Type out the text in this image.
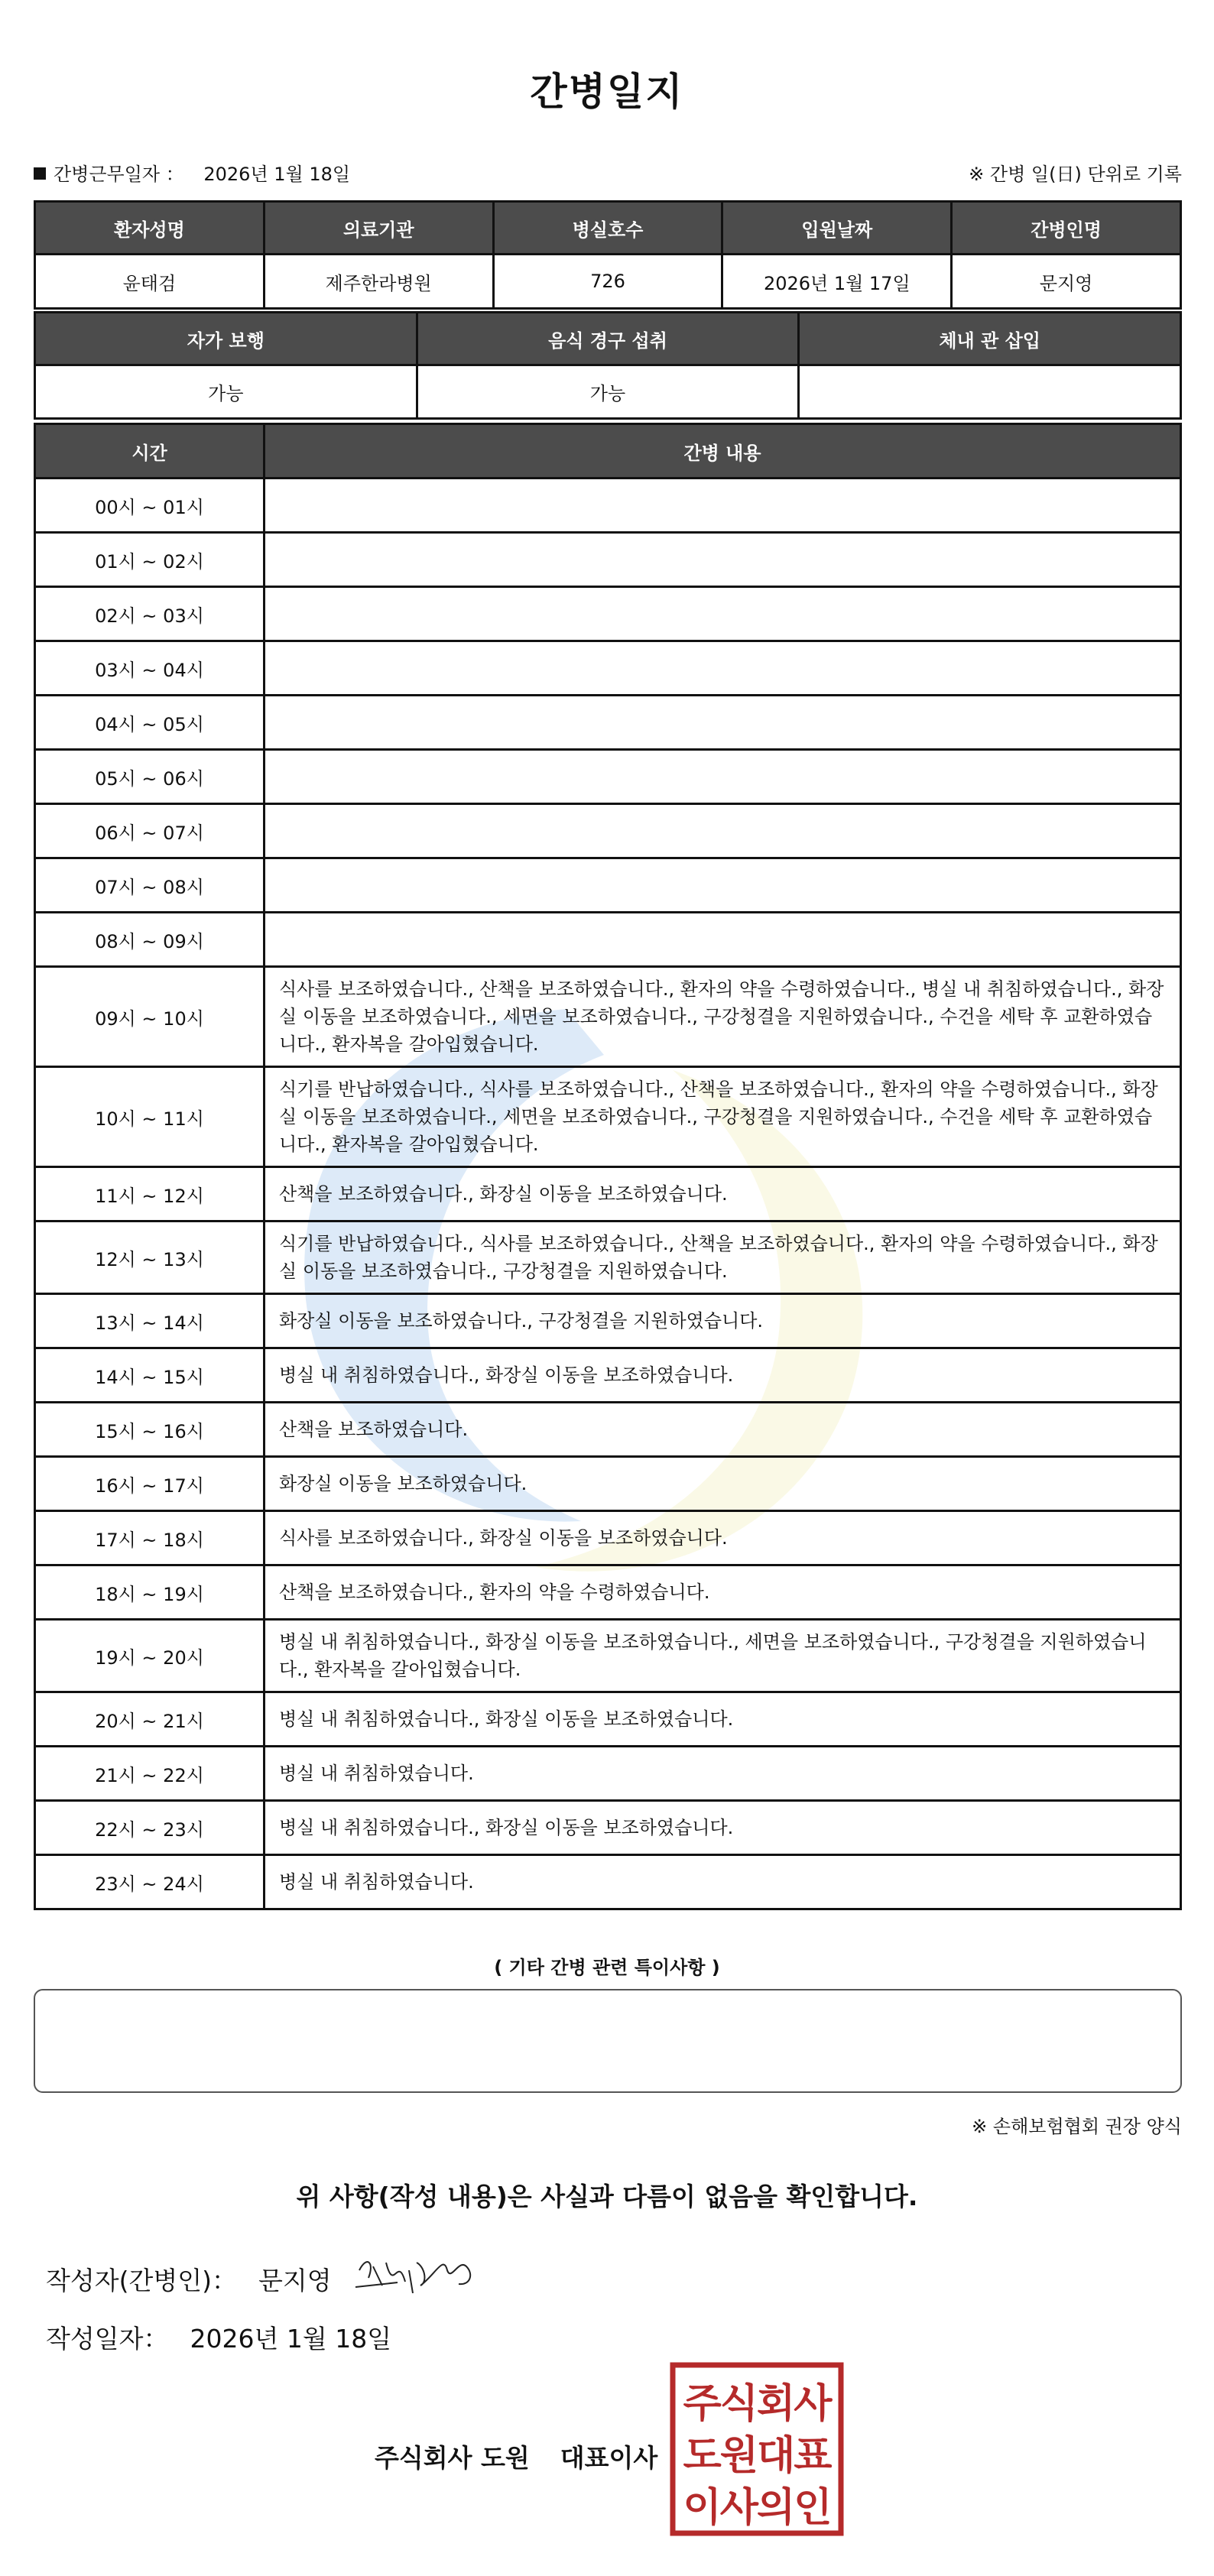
간병일지
간병근무일자 ： 2026년 1월 18일	※ 간병 일(日) 단위로 기록
환자성명	의료기관	병실호수	입원날짜	간병인명
윤태검	제주한라병원	726	2026년 1월 17일	문지영
자가 보행	음식 경구 섭취	체내 관 삽입
가능	가능	
시간	간병 내용
00시 ~ 01시	
01시 ~ 02시	
02시 ~ 03시	
03시 ~ 04시	
04시 ~ 05시	
05시 ~ 06시	
06시 ~ 07시	
07시 ~ 08시	
08시 ~ 09시	
09시 ~ 10시	식사를 보조하였습니다., 산책을 보조하였습니다., 환자의 약을 수령하였습니다., 병실 내 취침하였습니다., 화장실 이동을 보조하였습니다., 세면을 보조하였습니다., 구강청결을 지원하였습니다., 수건을 세탁 후 교환하였습니다., 환자복을 갈아입혔습니다.
10시 ~ 11시	식기를 반납하였습니다., 식사를 보조하였습니다., 산책을 보조하였습니다., 환자의 약을 수령하였습니다., 화장실 이동을 보조하였습니다., 세면을 보조하였습니다., 구강청결을 지원하였습니다., 수건을 세탁 후 교환하였습니다., 환자복을 갈아입혔습니다.
11시 ~ 12시	산책을 보조하였습니다., 화장실 이동을 보조하였습니다.
12시 ~ 13시	식기를 반납하였습니다., 식사를 보조하였습니다., 산책을 보조하였습니다., 환자의 약을 수령하였습니다., 화장실 이동을 보조하였습니다., 구강청결을 지원하였습니다.
13시 ~ 14시	화장실 이동을 보조하였습니다., 구강청결을 지원하였습니다.
14시 ~ 15시	병실 내 취침하였습니다., 화장실 이동을 보조하였습니다.
15시 ~ 16시	산책을 보조하였습니다.
16시 ~ 17시	화장실 이동을 보조하였습니다.
17시 ~ 18시	식사를 보조하였습니다., 화장실 이동을 보조하였습니다.
18시 ~ 19시	산책을 보조하였습니다., 환자의 약을 수령하였습니다.
19시 ~ 20시	병실 내 취침하였습니다., 화장실 이동을 보조하였습니다., 세면을 보조하였습니다., 구강청결을 지원하였습니다., 환자복을 갈아입혔습니다.
20시 ~ 21시	병실 내 취침하였습니다., 화장실 이동을 보조하였습니다.
21시 ~ 22시	병실 내 취침하였습니다.
22시 ~ 23시	병실 내 취침하였습니다., 화장실 이동을 보조하였습니다.
23시 ~ 24시	병실 내 취침하였습니다.
( 기타 간병 관련 특이사항 )
※ 손해보험협회 권장 양식
위 사항(작성 내용)은 사실과 다름이 없음을 확인합니다.
작성자(간병인)： 문지영
작성일자： 2026년 1월 18일
주식회사 도원 대표이사
주식회사
도원대표
이사의인
